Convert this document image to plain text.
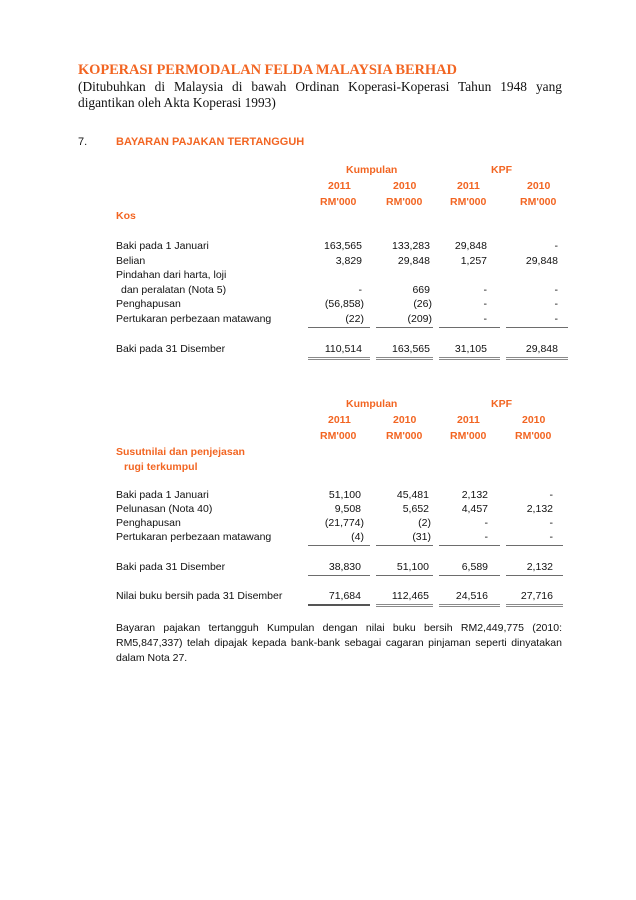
KOPERASI PERMODALAN FELDA MALAYSIA BERHAD
(Ditubuhkan di Malaysia di bawah Ordinan Koperasi-Koperasi Tahun 1948 yang digantikan oleh Akta Koperasi 1993)
7.	BAYARAN PAJAKAN TERTANGGUH
Kumpulan	KPF
2011	2010	2011	2010
RM'000	RM'000	RM'000	RM'000
Kos
Baki pada 1 Januari	163,565	133,283	29,848	-
Belian	3,829	29,848	1,257	29,848
Pindahan dari harta, loji
dan peralatan (Nota 5)	-	669	-	-
Penghapusan	(56,858)	(26)	-	-
Pertukaran perbezaan matawang	(22)	(209)	-	-
Baki pada 31 Disember	110,514	163,565	31,105	29,848
Kumpulan	KPF
2011	2010	2011	2010
RM'000	RM'000	RM'000	RM'000
Susutnilai dan penjejasan
rugi terkumpul
Baki pada 1 Januari	51,100	45,481	2,132	-
Pelunasan (Nota 40)	9,508	5,652	4,457	2,132
Penghapusan	(21,774)	(2)	-	-
Pertukaran perbezaan matawang	(4)	(31)	-	-
Baki pada 31 Disember	38,830	51,100	6,589	2,132
Nilai buku bersih pada 31 Disember	71,684	112,465	24,516	27,716
Bayaran pajakan tertangguh Kumpulan dengan nilai buku bersih RM2,449,775 (2010: RM5,847,337) telah dipajak kepada bank-bank sebagai cagaran pinjaman seperti dinyatakan dalam Nota 27.
